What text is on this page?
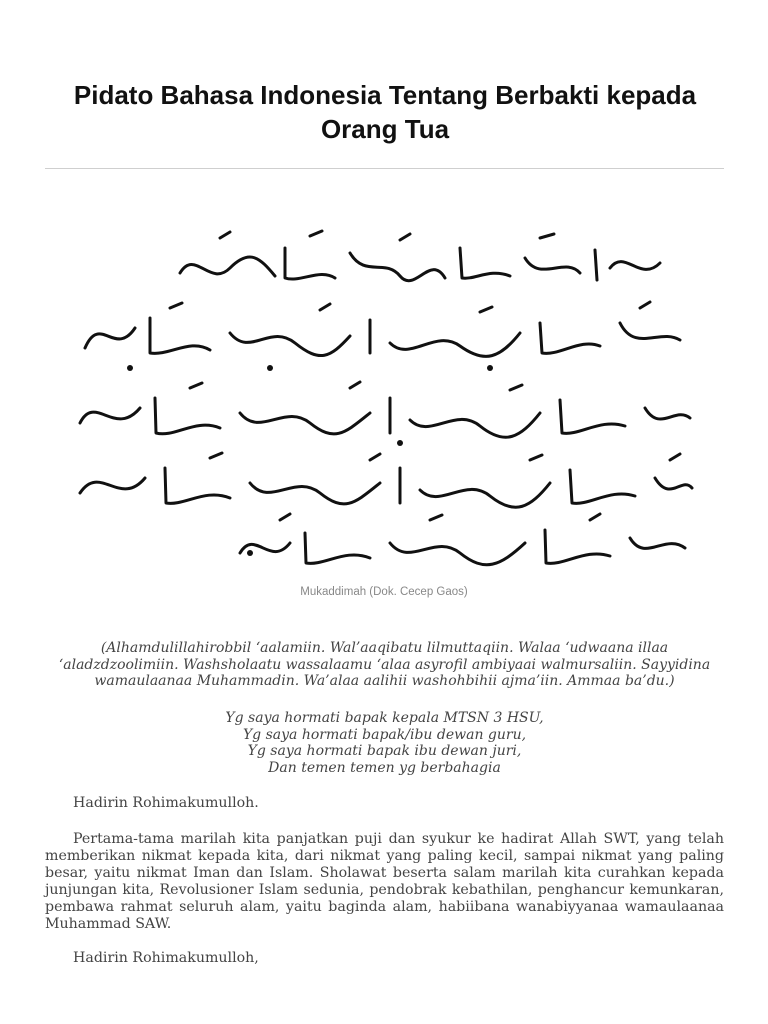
Pidato Bahasa Indonesia Tentang Berbakti kepada Orang Tua
Mukaddimah (Dok. Cecep Gaos)

(Alhamdulillahirobbil ‘aalamiin. Wal’aaqibatu lilmuttaqiin. Walaa ‘udwaana illaa ‘aladzdzoolimiin. Washsholaatu wassalaamu ‘alaa asyrofil ambiyaai walmursaliin. Sayyidina wamaulaanaa Muhammadin. Wa’alaa aalihii washohbihii ajma’iin. Ammaa ba’du.)

Yg saya hormati bapak kepala MTSN 3 HSU,
Yg saya hormati bapak/ibu dewan guru,
Yg saya hormati bapak ibu dewan juri,
Dan temen temen yg berbahagia

Hadirin Rohimakumulloh.

Pertama-tama marilah kita panjatkan puji dan syukur ke hadirat Allah SWT, yang telah memberikan nikmat kepada kita, dari nikmat yang paling kecil, sampai nikmat yang paling besar, yaitu nikmat Iman dan Islam. Sholawat beserta salam marilah kita curahkan kepada junjungan kita, Revolusioner Islam sedunia, pendobrak kebathilan, penghancur kemunkaran, pembawa rahmat seluruh alam, yaitu baginda alam, habiibana wanabiyyanaa wamaulaanaa Muhammad SAW.

Hadirin Rohimakumulloh,
